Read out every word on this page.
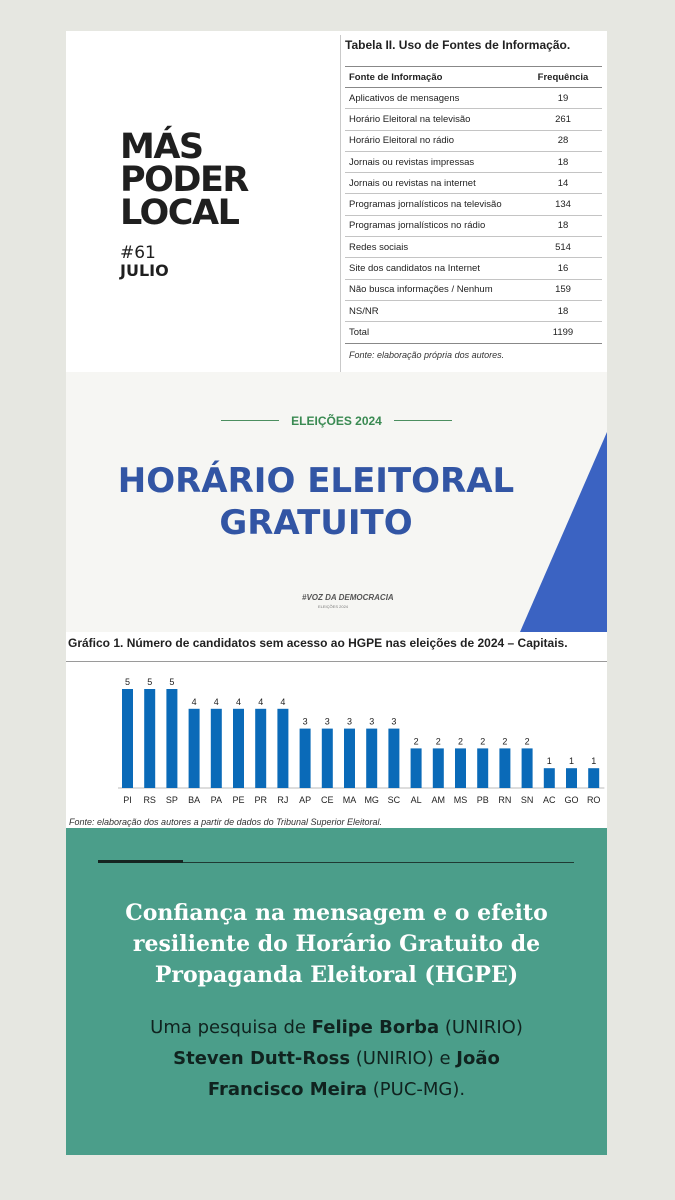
MÁS
PODER
LOCAL
#61
JULIO
Tabela II. Uso de Fontes de Informação.
Fonte de Informação	Frequência
Aplicativos de mensagens	19
Horário Eleitoral na televisão	261
Horário Eleitoral no rádio	28
Jornais ou revistas impressas	18
Jornais ou revistas na internet	14
Programas jornalísticos na televisão	134
Programas jornalísticos no rádio	18
Redes sociais	514
Site dos candidatos na Internet	16
Não busca informações / Nenhum	159
NS/NR	18
Total	1199
Fonte: elaboração própria dos autores.
ELEIÇÕES 2024
HORÁRIO ELEITORAL
GRATUITO
#VOZ DA DEMOCRACIA
ELEIÇÕES 2024
Gráfico 1. Número de candidatos sem acesso ao HGPE nas eleições de 2024 – Capitais.
5
PI
5
RS
5
SP
4
BA
4
PA
4
PE
4
PR
4
RJ
3
AP
3
CE
3
MA
3
MG
3
SC
2
AL
2
AM
2
MS
2
PB
2
RN
2
SN
1
AC
1
GO
1
RO
Fonte: elaboração dos autores a partir de dados do Tribunal Superior Eleitoral.
Confiança na mensagem e o efeito
resiliente do Horário Gratuito de
Propaganda Eleitoral (HGPE)
Uma pesquisa de Felipe Borba (UNIRIO)
Steven Dutt-Ross (UNIRIO) e João
Francisco Meira (PUC-MG).
